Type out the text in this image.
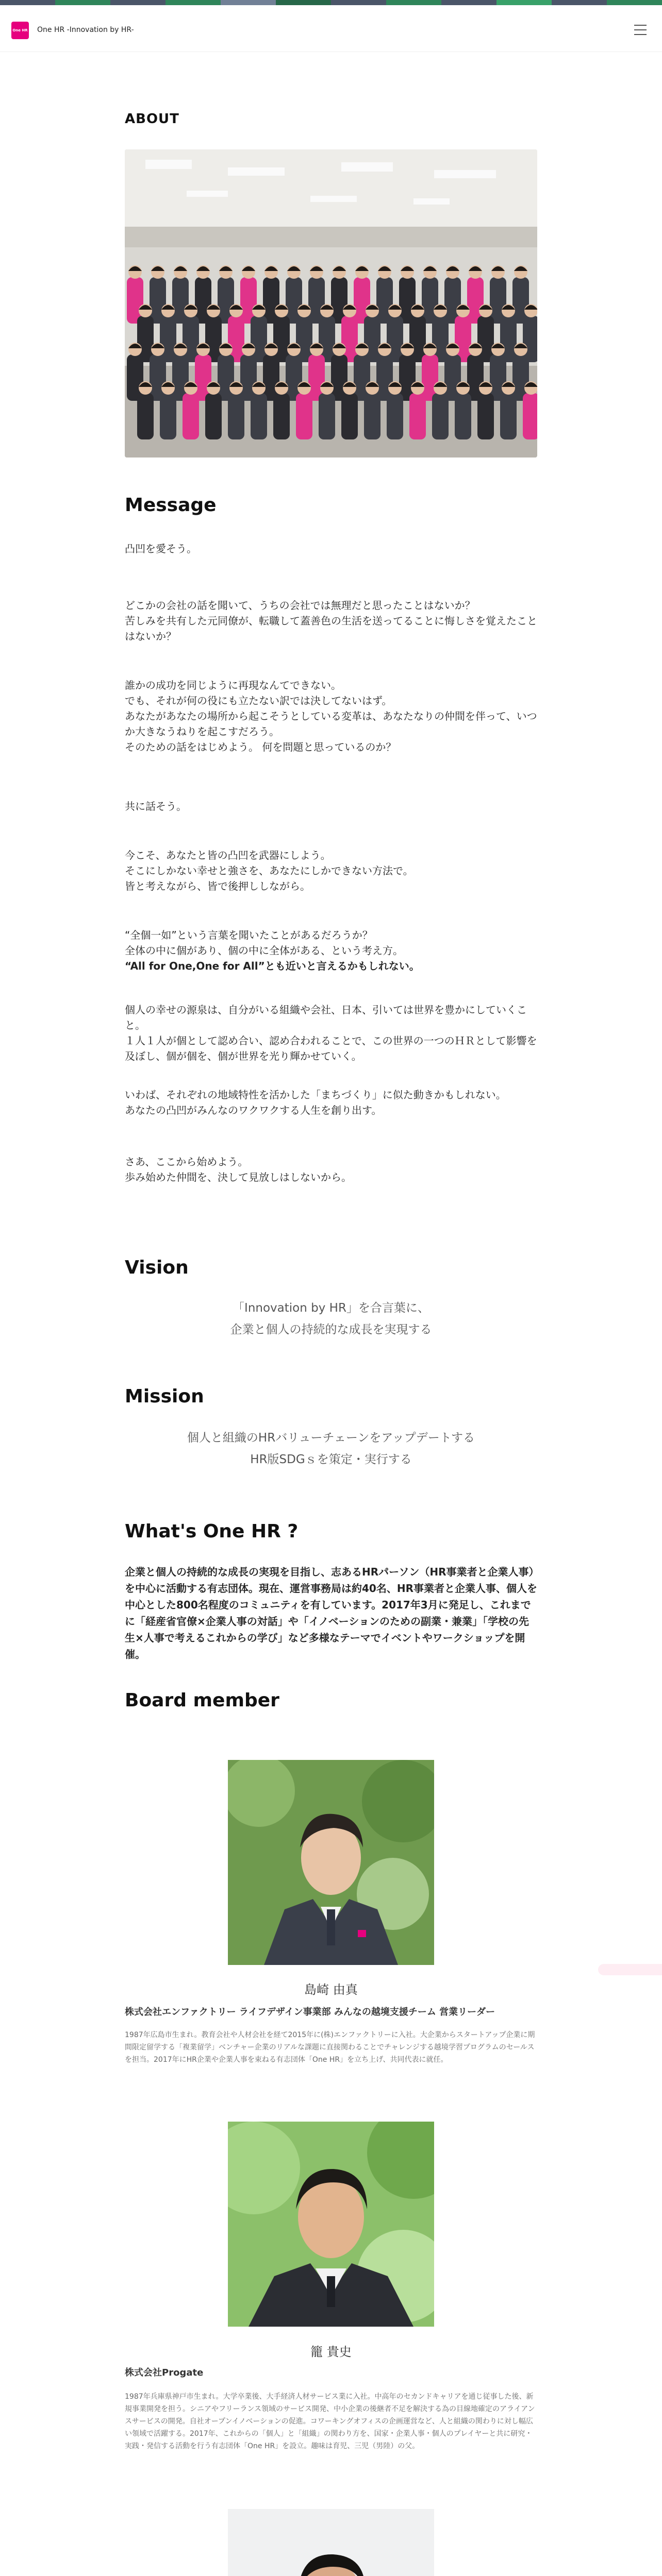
One HR One HR -Innovation by HR-
ABOUT
Message
凸凹を愛そう。
どこかの会社の話を聞いて、うちの会社では無理だと思ったことはないか？
苦しみを共有した元同僚が、転職して蓋善色の生活を送ってることに悔しさを覚えたことはないか？
誰かの成功を同じように再現なんてできない。
でも、それが何の役にも立たない訳では決してないはず。
あなたがあなたの場所から起こそうとしている変革は、あなたなりの仲間を伴って、いつか大きなうねりを起こすだろう。
そのための話をはじめよう。 何を問題と思っているのか？
共に話そう。
今こそ、あなたと皆の凸凹を武器にしよう。
そこにしかない幸せと強さを、あなたにしかできない方法で。
皆と考えながら、皆で後押ししながら。
“全個一如”という言葉を聞いたことがあるだろうか？
全体の中に個があり、個の中に全体がある、という考え方。
“All for One,One for All”とも近いと言えるかもしれない。
個人の幸せの源泉は、自分がいる組織や会社、日本、引いては世界を豊かにしていくこと。
１人１人が個として認め合い、認め合われることで、この世界の一つのＨＲとして影響を及ぼし、個が個を、個が世界を光り輝かせていく。
いわば、それぞれの地域特性を活かした「まちづくり」に似た動きかもしれない。
あなたの凸凹がみんなのワクワクする人生を創り出す。
さあ、ここから始めよう。
歩み始めた仲間を、決して見放しはしないから。
Vision
「Innovation by HR」を合言葉に、
企業と個人の持続的な成長を実現する
Mission
個人と組織のHRバリューチェーンをアップデートする
HR版SDGｓを策定・実行する
What's One HR ?
企業と個人の持続的な成長の実現を目指し、志あるHRパーソン（HR事業者と企業人事）を中心に活動する有志団体。現在、運営事務局は約40名、HR事業者と企業人事、個人を中心とした800名程度のコミュニティを有しています。2017年3月に発足し、これまでに「経産省官僚×企業人事の対話」や「イノベーションのための副業・兼業」「学校の先生×人事で考えるこれからの学び」など多様なテーマでイベントやワークショップを開催。
Board member
島崎 由真
株式会社エンファクトリー ライフデザイン事業部 みんなの越境支援チーム 営業リーダー
1987年広島市生まれ。教育会社や人材会社を経て2015年に(株)エンファクトリーに入社。大企業からスタートアップ企業に期間限定留学する「複業留学」ベンチャー企業のリアルな課題に直接関わることでチャレンジする越境学習プログラムのセールスを担当。2017年にHR企業や企業人事を束ねる有志団体「One HR」を立ち上げ、共同代表に就任。
籠 貴史
株式会社Progate
1987年兵庫県神戸市生まれ。大学卒業後、大手経済人材サービス業に入社。中高年のセカンドキャリアを通じ従事した後、新規事業開発を担う。シニアやフリーランス領域のサービス開発、中小企業の後継者不足を解決する為の目線地確定のアライアンスサービスの開発。自社オープンイノベーションの促進。コワーキングオフィスの企画運営など、人と組織の関わりに対し幅広い領域で活躍する。2017年、これからの「個人」と「組織」の関わり方を、国家・企業人事・個人のプレイヤーと共に研究・実践・発信する活動を行う有志団体「One HR」を設立。趣味は育児、三児（男陸）の父。
